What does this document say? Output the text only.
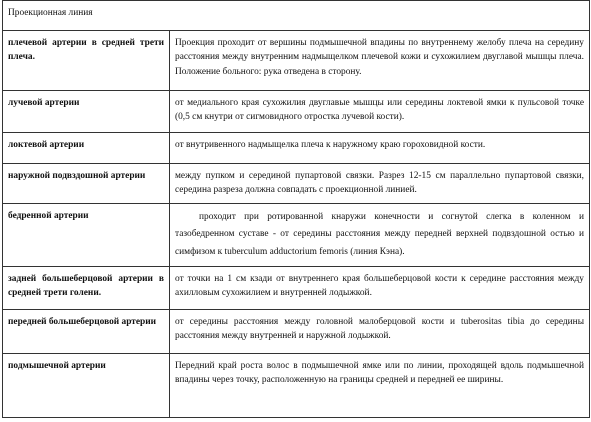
Проекционная линия	
плечевой артерии в средней трети плеча.	Проекция проходит от вершины подмышечной впадины по внутреннему желобу плеча на середину расстояния между внутренним надмыщелком плечевой кожи и сухожилием двуглавой мышцы плеча. Положение больного: рука отведена в сторону.
лучевой артерии	от медиального края сухожилия двуглавые мышцы или середины локтевой ямки к пульсовой точке (0,5 см кнутри от сигмовидного отростка лучевой кости).
локтевой артерии	от внутривенного надмыщелка плеча к наружному краю гороховидной кости.
наружной подвздошной артерии	между пупком и серединой пупартовой связки. Разрез 12-15 см параллельно пупартовой связки, середина разреза должна совпадать с проекционной линией.
бедренной артерии	проходит при ротированной кнаружи конечности и согнутой слегка в коленном и тазобедренном суставе - от середины расстояния между передней верхней подвздошной остью и симфизом к tuberculum adductorium femoris (линия Кэна).
задней большеберцовой артерии в средней трети голени.	от точки на 1 см кзади от внутреннего края большеберцовой кости к середине расстояния между ахилловым сухожилием и внутренней лодыжкой.
передней большеберцовой артерии	от середины расстояния между головной малоберцовой кости и tuberositas tibia до середины расстояния между внутренней и наружной лодыжкой.
подмышечной артерии	Передний край роста волос в подмышечной ямке или по линии, проходящей вдоль подмышечной впадины через точку, расположенную на границы средней и передней ее ширины.
